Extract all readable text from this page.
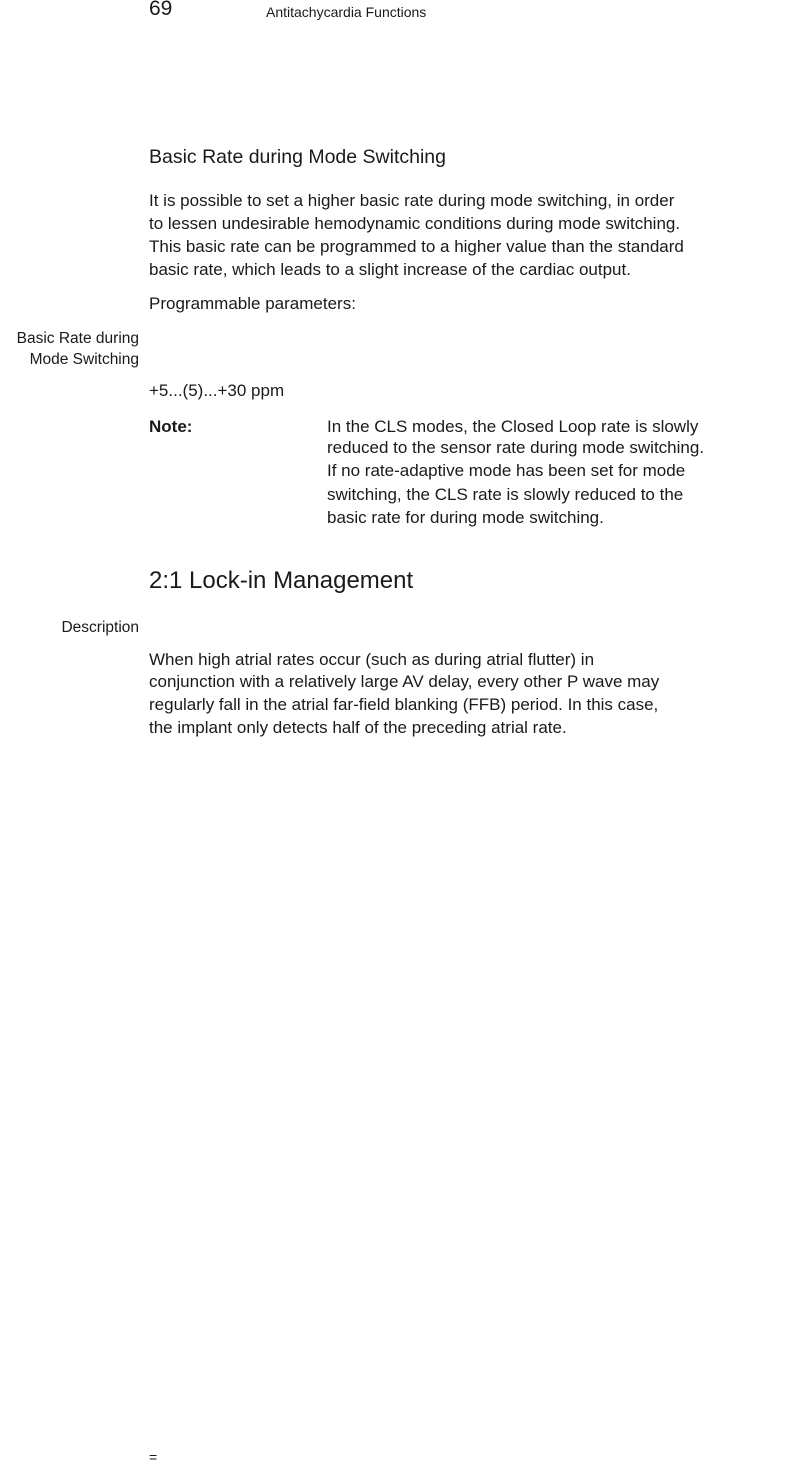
69	Antitachycardia Functions
Basic Rate during Mode Switching
It is possible to set a higher basic rate during mode switching, in order
to lessen undesirable hemodynamic conditions during mode switching.
This basic rate can be programmed to a higher value than the standard
basic rate, which leads to a slight increase of the cardiac output.
Programmable parameters:
Basic Rate during
Mode Switching
+5...(5)...+30 ppm
Note:	In the CLS modes, the Closed Loop rate is slowly
reduced to the sensor rate during mode switching.
If no rate-adaptive mode has been set for mode
switching, the CLS rate is slowly reduced to the
basic rate for during mode switching.
2:1 Lock-in Management
Description
When high atrial rates occur (such as during atrial flutter) in
conjunction with a relatively large AV delay, every other P wave may
regularly fall in the atrial far-field blanking (FFB) period. In this case,
the implant only detects half of the preceding atrial rate.
=
